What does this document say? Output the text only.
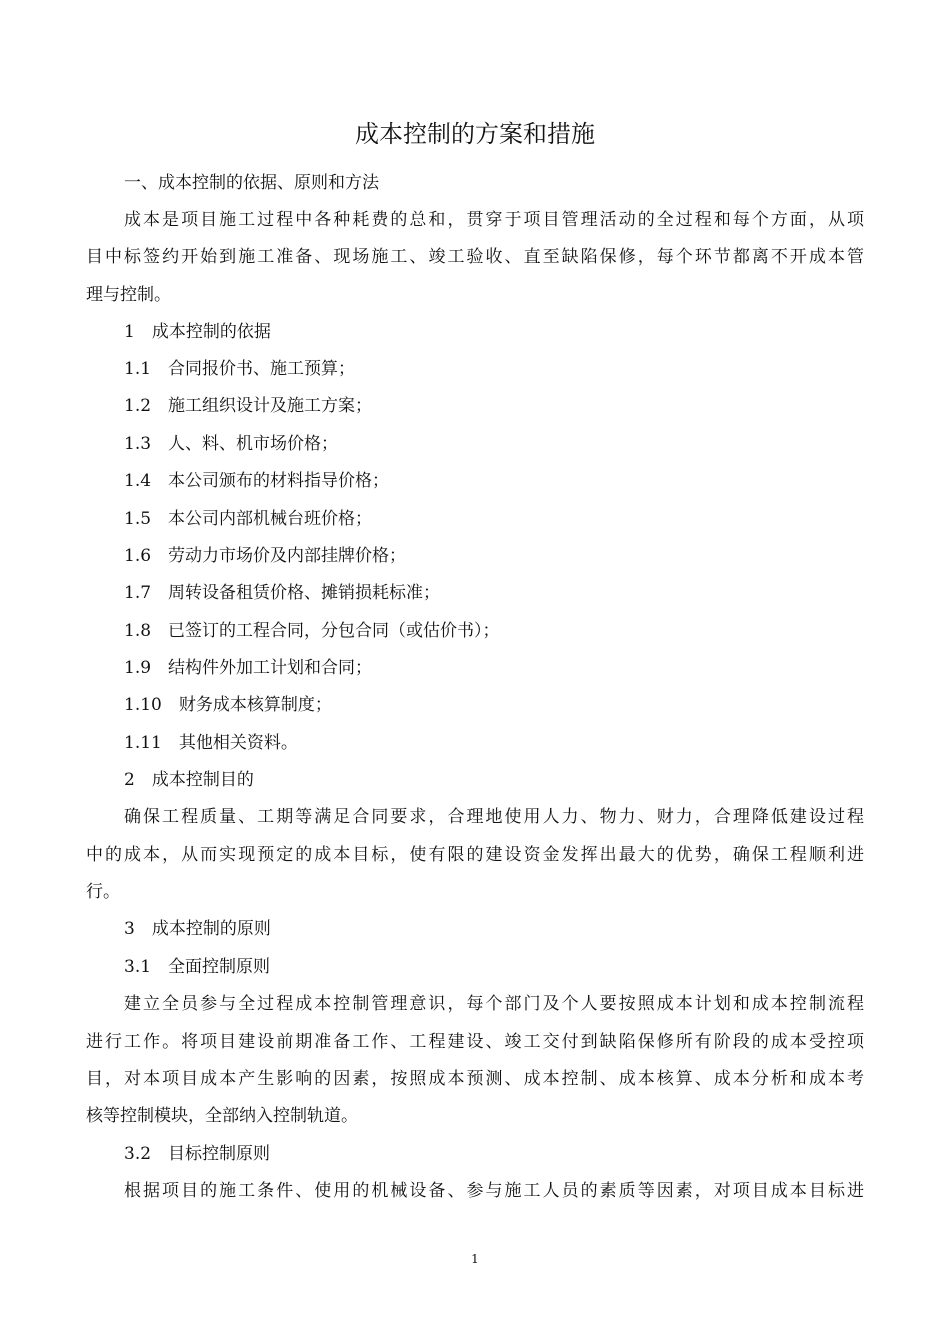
成本控制的方案和措施
一、成本控制的依据、原则和方法
成本是项目施工过程中各种耗费的总和，贯穿于项目管理活动的全过程和每个方面，从项
目中标签约开始到施工准备、现场施工、竣工验收、直至缺陷保修，每个环节都离不开成本管
理与控制。
1　成本控制的依据
1.1　合同报价书、施工预算；
1.2　施工组织设计及施工方案；
1.3　人、料、机市场价格；
1.4　本公司颁布的材料指导价格；
1.5　本公司内部机械台班价格；
1.6　劳动力市场价及内部挂牌价格；
1.7　周转设备租赁价格、摊销损耗标准；
1.8　已签订的工程合同，分包合同（或估价书）；
1.9　结构件外加工计划和合同；
1.10　财务成本核算制度；
1.11　其他相关资料。
2　成本控制目的
确保工程质量、工期等满足合同要求，合理地使用人力、物力、财力，合理降低建设过程
中的成本，从而实现预定的成本目标，使有限的建设资金发挥出最大的优势，确保工程顺利进
行。
3　成本控制的原则
3.1　全面控制原则
建立全员参与全过程成本控制管理意识，每个部门及个人要按照成本计划和成本控制流程
进行工作。将项目建设前期准备工作、工程建设、竣工交付到缺陷保修所有阶段的成本受控项
目，对本项目成本产生影响的因素，按照成本预测、成本控制、成本核算、成本分析和成本考
核等控制模块，全部纳入控制轨道。
3.2　目标控制原则
根据项目的施工条件、使用的机械设备、参与施工人员的素质等因素，对项目成本目标进
1
